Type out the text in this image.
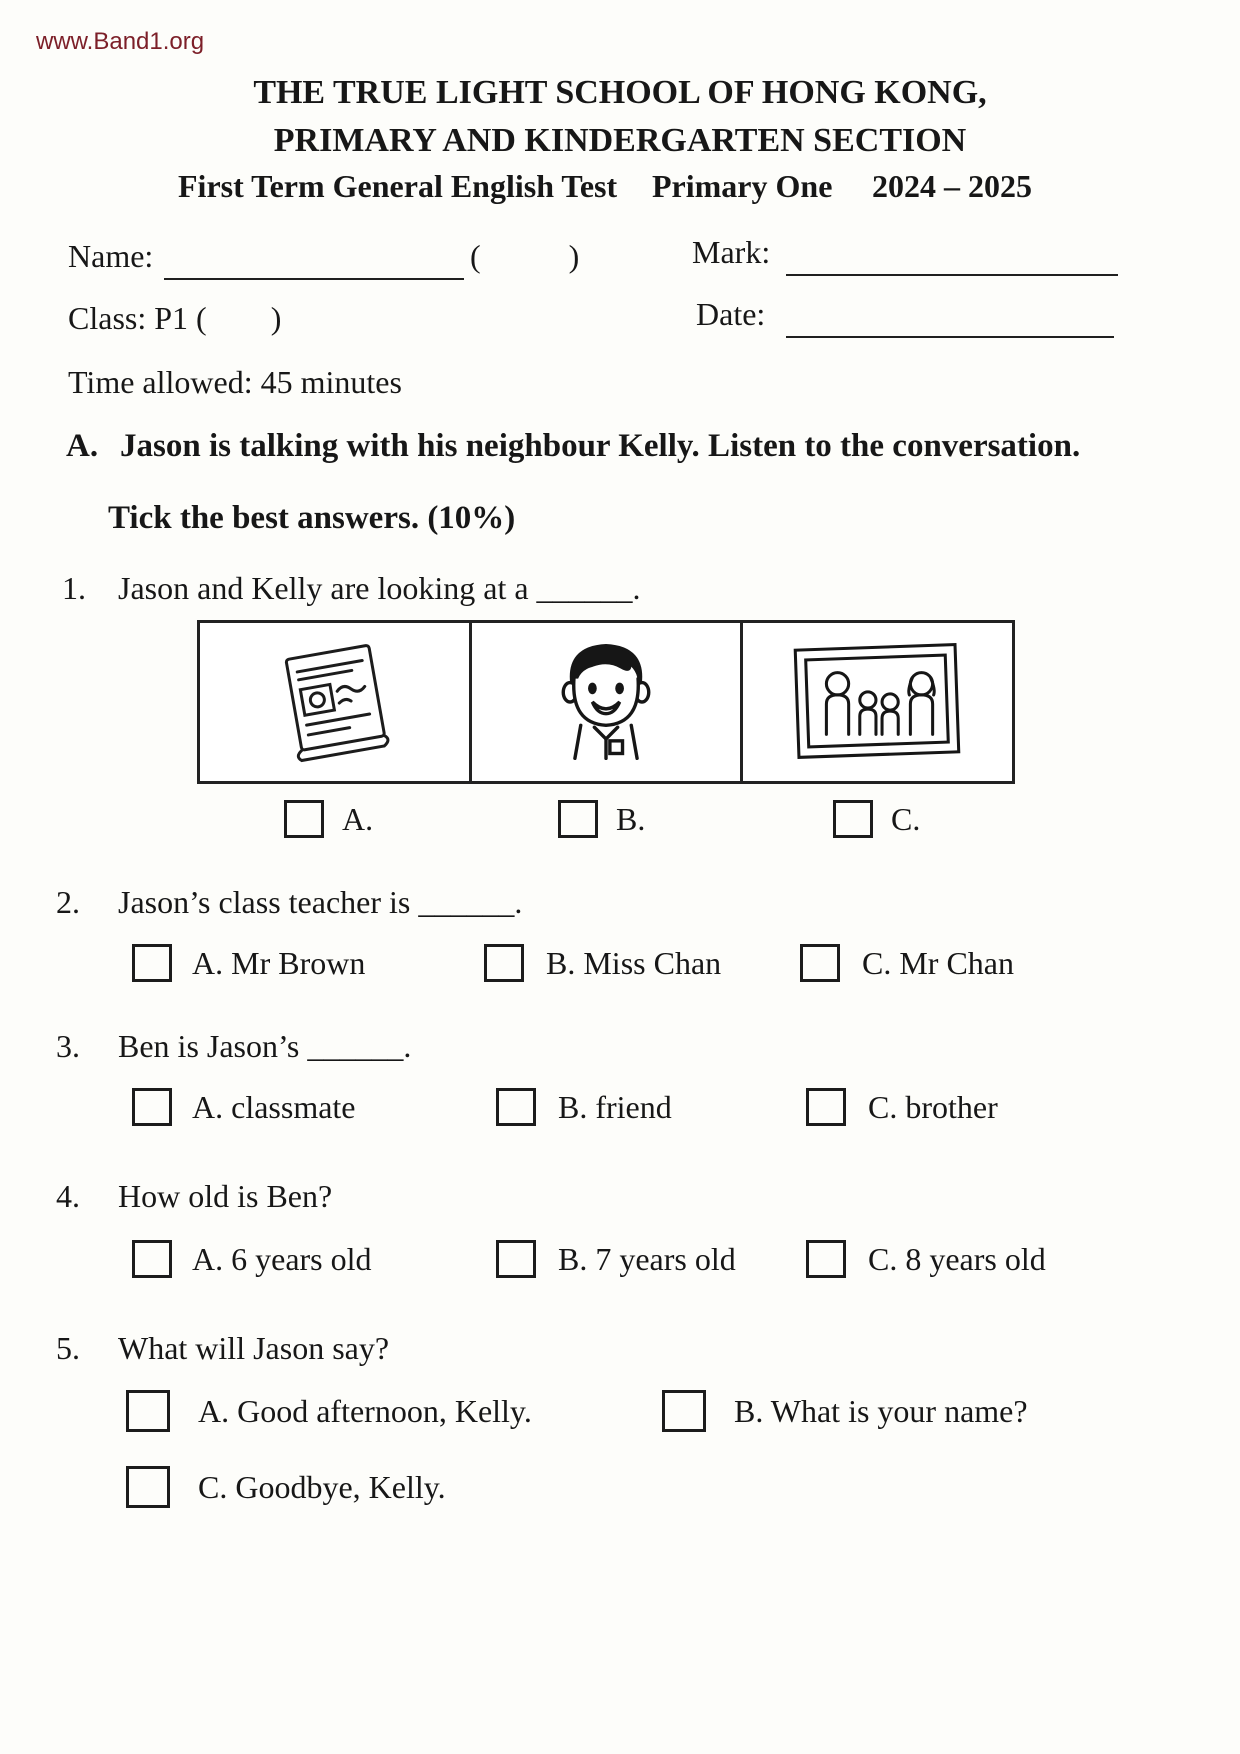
www.Band1.org
THE TRUE LIGHT SCHOOL OF HONG KONG,
PRIMARY AND KINDERGARTEN SECTION
First Term General English Test Primary One 2024 – 2025
Name:	(           )	Mark:
Class: P1 (        )	Date:
Time allowed: 45 minutes
A. Jason is talking with his neighbour Kelly. Listen to the conversation.
Tick the best answers. (10%)
1. Jason and Kelly are looking at a ______.
A.	B.	C.
2. Jason’s class teacher is ______.
A. Mr Brown	B. Miss Chan	C. Mr Chan
3. Ben is Jason’s ______.
A. classmate	B. friend	C. brother
4. How old is Ben?
A. 6 years old	B. 7 years old	C. 8 years old
5. What will Jason say?
A. Good afternoon, Kelly.	B. What is your name?
C. Goodbye, Kelly.
